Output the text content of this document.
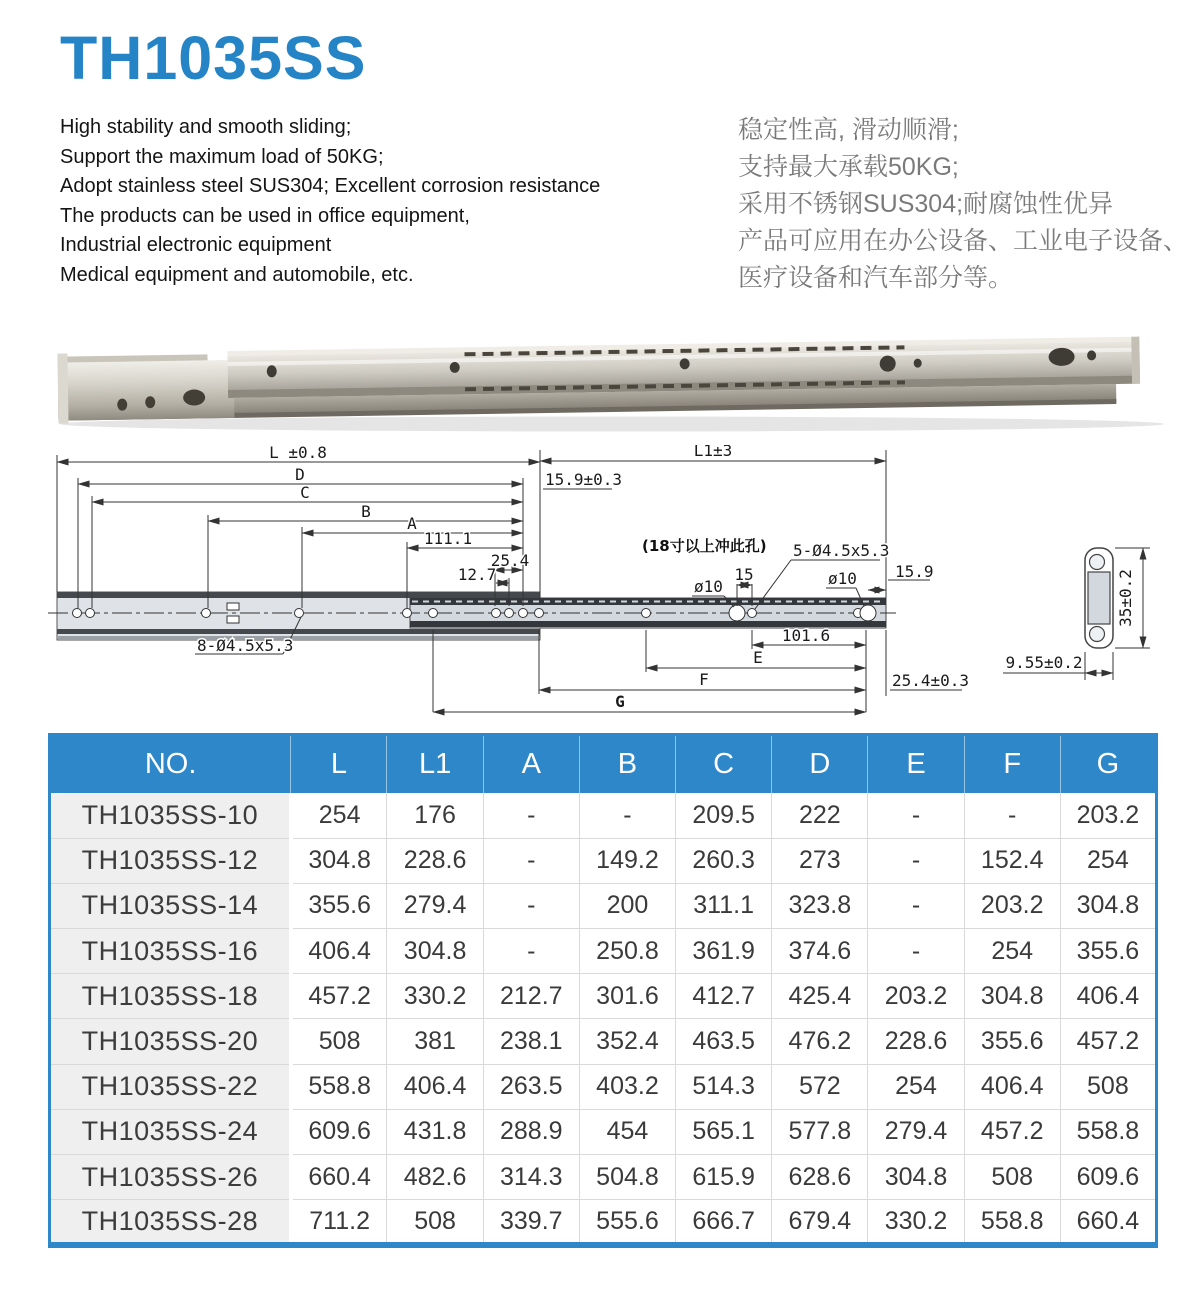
TH1035SS
High stability and smooth sliding;
Support the maximum load of 50KG;
Adopt stainless steel SUS304; Excellent corrosion resistance
The products can be used in office equipment,
Industrial electronic equipment
Medical equipment and automobile, etc.
稳定性高, 滑动顺滑;
支持最大承载50KG;
采用不锈钢SUS304;耐腐蚀性优异
产品可应用在办公设备、工业电子设备、
医疗设备和汽车部分等。
L ±0.8
D
C
B
A
111.1
25.4
12.7
L1±3
15.9±0.3
(18寸以上冲此孔) 5-Ø4.5x5.3
ø10
15	ø10 15.9
8-Ø4.5x5.3
101.6
E
F
G
25.4±0.3
35±0.2
9.55±0.2
NO.	L	L1	A	B	C	D	E	F	G
TH1035SS-10	254	176	-	-	209.5	222	-	-	203.2
TH1035SS-12	304.8	228.6	-	149.2	260.3	273	-	152.4	254
TH1035SS-14	355.6	279.4	-	200	311.1	323.8	-	203.2	304.8
TH1035SS-16	406.4	304.8	-	250.8	361.9	374.6	-	254	355.6
TH1035SS-18	457.2	330.2	212.7	301.6	412.7	425.4	203.2	304.8	406.4
TH1035SS-20	508	381	238.1	352.4	463.5	476.2	228.6	355.6	457.2
TH1035SS-22	558.8	406.4	263.5	403.2	514.3	572	254	406.4	508
TH1035SS-24	609.6	431.8	288.9	454	565.1	577.8	279.4	457.2	558.8
TH1035SS-26	660.4	482.6	314.3	504.8	615.9	628.6	304.8	508	609.6
TH1035SS-28	711.2	508	339.7	555.6	666.7	679.4	330.2	558.8	660.4
